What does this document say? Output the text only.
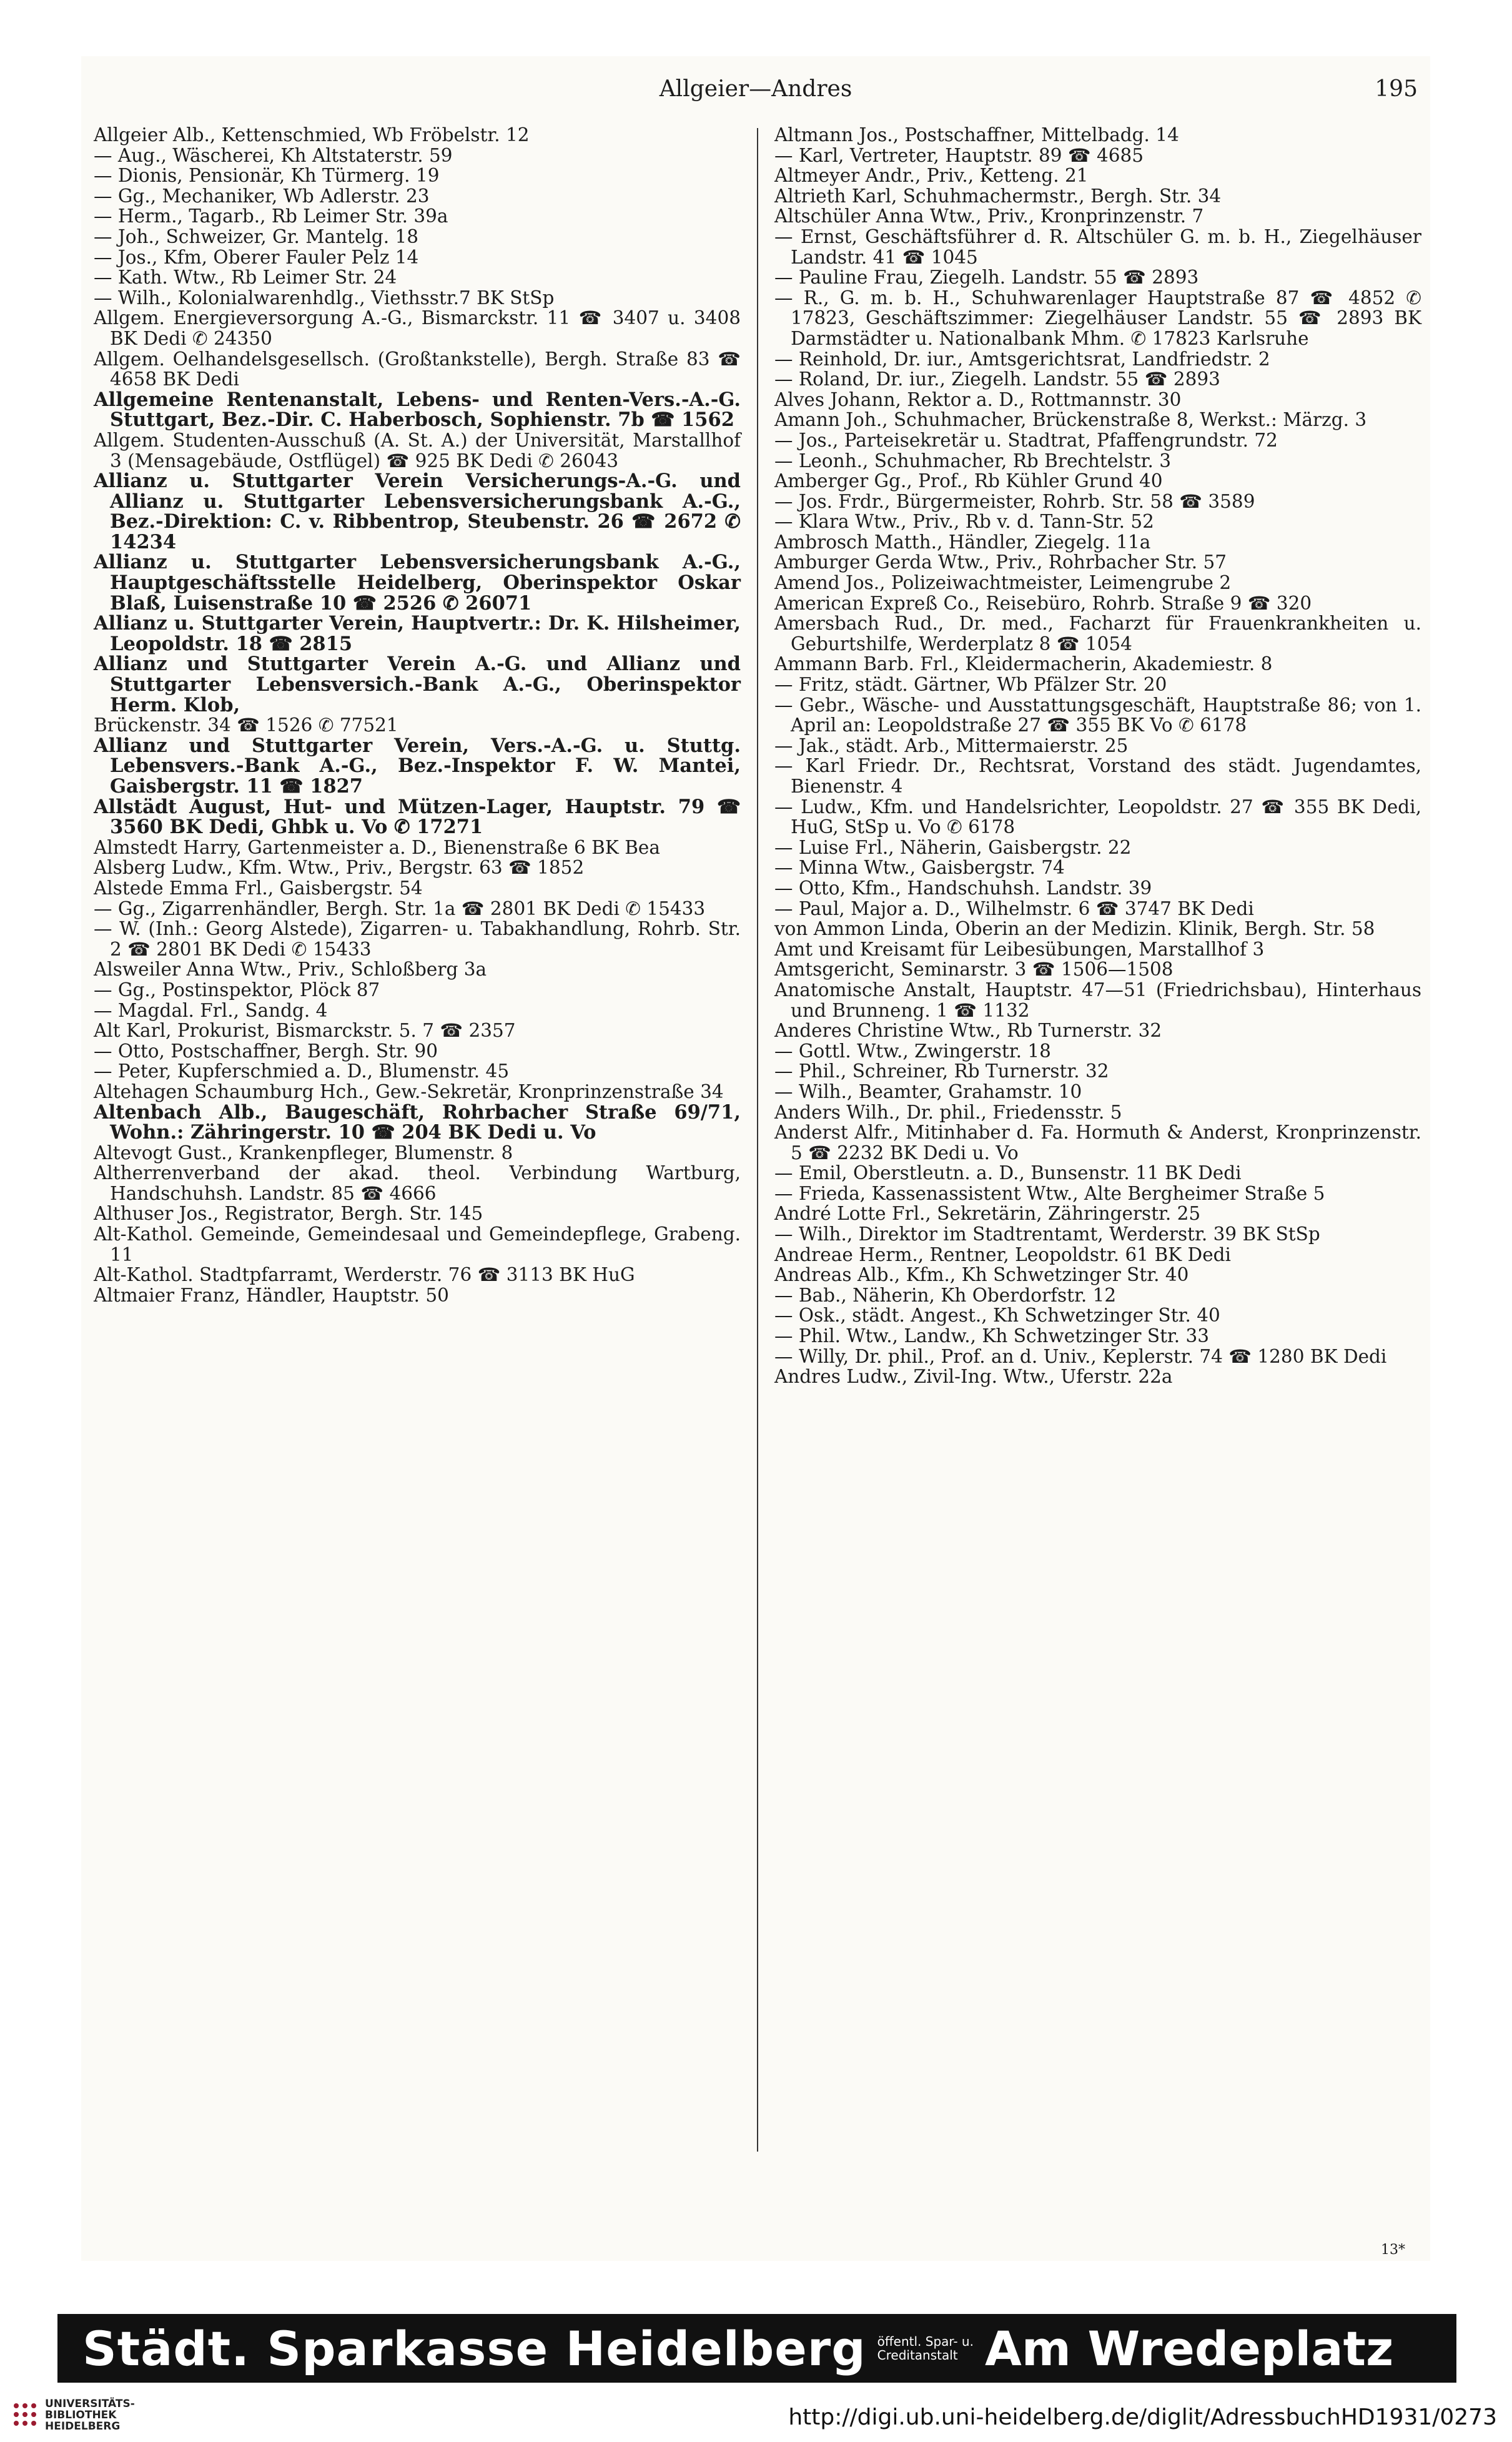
Allgeier—Andres	195
Allgeier Alb., Kettenschmied, Wb Fröbelstr. 12
— Aug., Wäscherei, Kh Altstaterstr. 59
— Dionis, Pensionär, Kh Türmerg. 19
— Gg., Mechaniker, Wb Adlerstr. 23
— Herm., Tagarb., Rb Leimer Str. 39a
— Joh., Schweizer, Gr. Mantelg. 18
— Jos., Kfm, Oberer Fauler Pelz 14
— Kath. Wtw., Rb Leimer Str. 24
— Wilh., Kolonialwarenhdlg., Viethsstr.7 BK StSp
Allgem. Energieversorgung A.-G., Bismarckstr. 11 ☎ 3407 u. 3408 BK Dedi ✆ 24350
Allgem. Oelhandelsgesellsch. (Großtankstelle), Bergh. Straße 83 ☎ 4658 BK Dedi
Allgemeine Rentenanstalt, Lebens- und Renten-Vers.-A.-G. Stuttgart, Bez.-Dir. C. Haberbosch, Sophienstr. 7b ☎ 1562
Allgem. Studenten-Ausschuß (A. St. A.) der Universität, Marstallhof 3 (Mensagebäude, Ostflügel) ☎ 925 BK Dedi ✆ 26043
Allianz u. Stuttgarter Verein Versicherungs-A.-G. und Allianz u. Stuttgarter Lebensversicherungsbank A.-G., Bez.-Direktion: C. v. Ribbentrop, Steubenstr. 26 ☎ 2672 ✆ 14234
Allianz u. Stuttgarter Lebensversicherungsbank A.-G., Hauptgeschäftsstelle Heidelberg, Oberinspektor Oskar Blaß, Luisenstraße 10 ☎ 2526 ✆ 26071
Allianz u. Stuttgarter Verein, Hauptvertr.: Dr. K. Hilsheimer, Leopoldstr. 18 ☎ 2815
Allianz und Stuttgarter Verein A.-G. und Allianz und Stuttgarter Lebensversich.-Bank A.-G., Oberinspektor Herm. Klob,
Brückenstr. 34 ☎ 1526 ✆ 77521
Allianz und Stuttgarter Verein, Vers.-A.-G. u. Stuttg. Lebensvers.-Bank A.-G., Bez.-Inspektor F. W. Mantei, Gaisbergstr. 11 ☎ 1827
Allstädt August, Hut- und Mützen-Lager, Hauptstr. 79 ☎ 3560 BK Dedi, Ghbk u. Vo ✆ 17271
Almstedt Harry, Gartenmeister a. D., Bienenstraße 6 BK Bea
Alsberg Ludw., Kfm. Wtw., Priv., Bergstr. 63 ☎ 1852
Alstede Emma Frl., Gaisbergstr. 54
— Gg., Zigarrenhändler, Bergh. Str. 1a ☎ 2801 BK Dedi ✆ 15433
— W. (Inh.: Georg Alstede), Zigarren- u. Tabakhandlung, Rohrb. Str. 2 ☎ 2801 BK Dedi ✆ 15433
Alsweiler Anna Wtw., Priv., Schloßberg 3a
— Gg., Postinspektor, Plöck 87
— Magdal. Frl., Sandg. 4
Alt Karl, Prokurist, Bismarckstr. 5. 7 ☎ 2357
— Otto, Postschaffner, Bergh. Str. 90
— Peter, Kupferschmied a. D., Blumenstr. 45
Altehagen Schaumburg Hch., Gew.-Sekretär, Kronprinzenstraße 34
Altenbach Alb., Baugeschäft, Rohrbacher Straße 69/71, Wohn.: Zähringerstr. 10 ☎ 204 BK Dedi u. Vo
Altevogt Gust., Krankenpfleger, Blumenstr. 8
Altherrenverband der akad. theol. Verbindung Wartburg, Handschuhsh. Landstr. 85 ☎ 4666
Althuser Jos., Registrator, Bergh. Str. 145
Alt-Kathol. Gemeinde, Gemeindesaal und Gemeindepflege, Grabeng. 11
Alt-Kathol. Stadtpfarramt, Werderstr. 76 ☎ 3113 BK HuG
Altmaier Franz, Händler, Hauptstr. 50
Altmann Jos., Postschaffner, Mittelbadg. 14
— Karl, Vertreter, Hauptstr. 89 ☎ 4685
Altmeyer Andr., Priv., Ketteng. 21
Altrieth Karl, Schuhmachermstr., Bergh. Str. 34
Altschüler Anna Wtw., Priv., Kronprinzenstr. 7
— Ernst, Geschäftsführer d. R. Altschüler G. m. b. H., Ziegelhäuser Landstr. 41 ☎ 1045
— Pauline Frau, Ziegelh. Landstr. 55 ☎ 2893
— R., G. m. b. H., Schuhwarenlager Hauptstraße 87 ☎ 4852 ✆ 17823, Geschäftszimmer: Ziegelhäuser Landstr. 55 ☎ 2893 BK Darmstädter u. Nationalbank Mhm. ✆ 17823 Karlsruhe
— Reinhold, Dr. iur., Amtsgerichtsrat, Landfriedstr. 2
— Roland, Dr. iur., Ziegelh. Landstr. 55 ☎ 2893
Alves Johann, Rektor a. D., Rottmannstr. 30
Amann Joh., Schuhmacher, Brückenstraße 8, Werkst.: Märzg. 3
— Jos., Parteisekretär u. Stadtrat, Pfaffengrundstr. 72
— Leonh., Schuhmacher, Rb Brechtelstr. 3
Amberger Gg., Prof., Rb Kühler Grund 40
— Jos. Frdr., Bürgermeister, Rohrb. Str. 58 ☎ 3589
— Klara Wtw., Priv., Rb v. d. Tann-Str. 52
Ambrosch Matth., Händler, Ziegelg. 11a
Amburger Gerda Wtw., Priv., Rohrbacher Str. 57
Amend Jos., Polizeiwachtmeister, Leimengrube 2
American Expreß Co., Reisebüro, Rohrb. Straße 9 ☎ 320
Amersbach Rud., Dr. med., Facharzt für Frauenkrankheiten u. Geburtshilfe, Werderplatz 8 ☎ 1054
Ammann Barb. Frl., Kleidermacherin, Akademiestr. 8
— Fritz, städt. Gärtner, Wb Pfälzer Str. 20
— Gebr., Wäsche- und Ausstattungsgeschäft, Hauptstraße 86; von 1. April an: Leopoldstraße 27 ☎ 355 BK Vo ✆ 6178
— Jak., städt. Arb., Mittermaierstr. 25
— Karl Friedr. Dr., Rechtsrat, Vorstand des städt. Jugendamtes, Bienenstr. 4
— Ludw., Kfm. und Handelsrichter, Leopoldstr. 27 ☎ 355 BK Dedi, HuG, StSp u. Vo ✆ 6178
— Luise Frl., Näherin, Gaisbergstr. 22
— Minna Wtw., Gaisbergstr. 74
— Otto, Kfm., Handschuhsh. Landstr. 39
— Paul, Major a. D., Wilhelmstr. 6 ☎ 3747 BK Dedi
von Ammon Linda, Oberin an der Medizin. Klinik, Bergh. Str. 58
Amt und Kreisamt für Leibesübungen, Marstallhof 3
Amtsgericht, Seminarstr. 3 ☎ 1506—1508
Anatomische Anstalt, Hauptstr. 47—51 (Friedrichsbau), Hinterhaus und Brunneng. 1 ☎ 1132
Anderes Christine Wtw., Rb Turnerstr. 32
— Gottl. Wtw., Zwingerstr. 18
— Phil., Schreiner, Rb Turnerstr. 32
— Wilh., Beamter, Grahamstr. 10
Anders Wilh., Dr. phil., Friedensstr. 5
Anderst Alfr., Mitinhaber d. Fa. Hormuth & Anderst, Kronprinzenstr. 5 ☎ 2232 BK Dedi u. Vo
— Emil, Oberstleutn. a. D., Bunsenstr. 11 BK Dedi
— Frieda, Kassenassistent Wtw., Alte Bergheimer Straße 5
André Lotte Frl., Sekretärin, Zähringerstr. 25
— Wilh., Direktor im Stadtrentamt, Werderstr. 39 BK StSp
Andreae Herm., Rentner, Leopoldstr. 61 BK Dedi
Andreas Alb., Kfm., Kh Schwetzinger Str. 40
— Bab., Näherin, Kh Oberdorfstr. 12
— Osk., städt. Angest., Kh Schwetzinger Str. 40
— Phil. Wtw., Landw., Kh Schwetzinger Str. 33
— Willy, Dr. phil., Prof. an d. Univ., Keplerstr. 74 ☎ 1280 BK Dedi
Andres Ludw., Zivil-Ing. Wtw., Uferstr. 22a
13*
Städt. Sparkasse Heidelberg öffentl. Spar- u.
Creditanstalt Am Wredeplatz
UNIVERSITÄTS-
BIBLIOTHEK
HEIDELBERG	http://digi.ub.uni-heidelberg.de/diglit/AdressbuchHD1931/0273
